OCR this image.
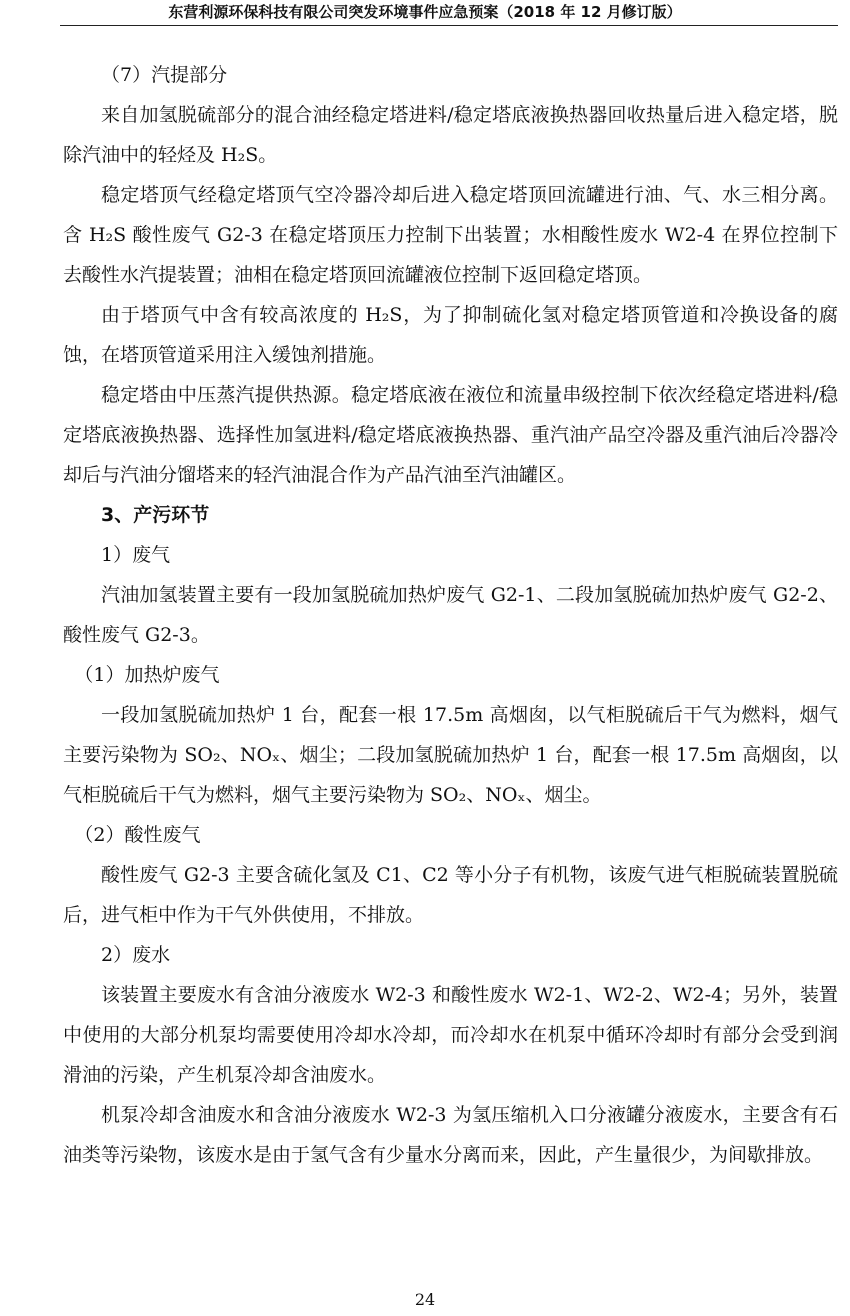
东营利源环保科技有限公司突发环境事件应急预案（2018 年 12 月修订版）

（7）汽提部分

来自加氢脱硫部分的混合油经稳定塔进料/稳定塔底液换热器回收热量后进入稳定塔，脱除汽油中的轻烃及 H₂S。

稳定塔顶气经稳定塔顶气空冷器冷却后进入稳定塔顶回流罐进行油、气、水三相分离。含 H₂S 酸性废气 G2-3 在稳定塔顶压力控制下出装置；水相酸性废水 W2-4 在界位控制下去酸性水汽提装置；油相在稳定塔顶回流罐液位控制下返回稳定塔顶。

由于塔顶气中含有较高浓度的 H₂S，为了抑制硫化氢对稳定塔顶管道和冷换设备的腐蚀，在塔顶管道采用注入缓蚀剂措施。

稳定塔由中压蒸汽提供热源。稳定塔底液在液位和流量串级控制下依次经稳定塔进料/稳定塔底液换热器、选择性加氢进料/稳定塔底液换热器、重汽油产品空冷器及重汽油后冷器冷却后与汽油分馏塔来的轻汽油混合作为产品汽油至汽油罐区。

3、产污环节

1）废气

汽油加氢装置主要有一段加氢脱硫加热炉废气 G2-1、二段加氢脱硫加热炉废气 G2-2、酸性废气 G2-3。

（1）加热炉废气

一段加氢脱硫加热炉 1 台，配套一根 17.5m 高烟囱，以气柜脱硫后干气为燃料，烟气主要污染物为 SO₂、NOₓ、烟尘；二段加氢脱硫加热炉 1 台，配套一根 17.5m 高烟囱，以气柜脱硫后干气为燃料，烟气主要污染物为 SO₂、NOₓ、烟尘。

（2）酸性废气

酸性废气 G2-3 主要含硫化氢及 C1、C2 等小分子有机物，该废气进气柜脱硫装置脱硫后，进气柜中作为干气外供使用，不排放。

2）废水

该装置主要废水有含油分液废水 W2-3 和酸性废水 W2-1、W2-2、W2-4；另外，装置中使用的大部分机泵均需要使用冷却水冷却，而冷却水在机泵中循环冷却时有部分会受到润滑油的污染，产生机泵冷却含油废水。

机泵冷却含油废水和含油分液废水 W2-3 为氢压缩机入口分液罐分液废水，主要含有石油类等污染物，该废水是由于氢气含有少量水分离而来，因此，产生量很少，为间歇排放。

24
